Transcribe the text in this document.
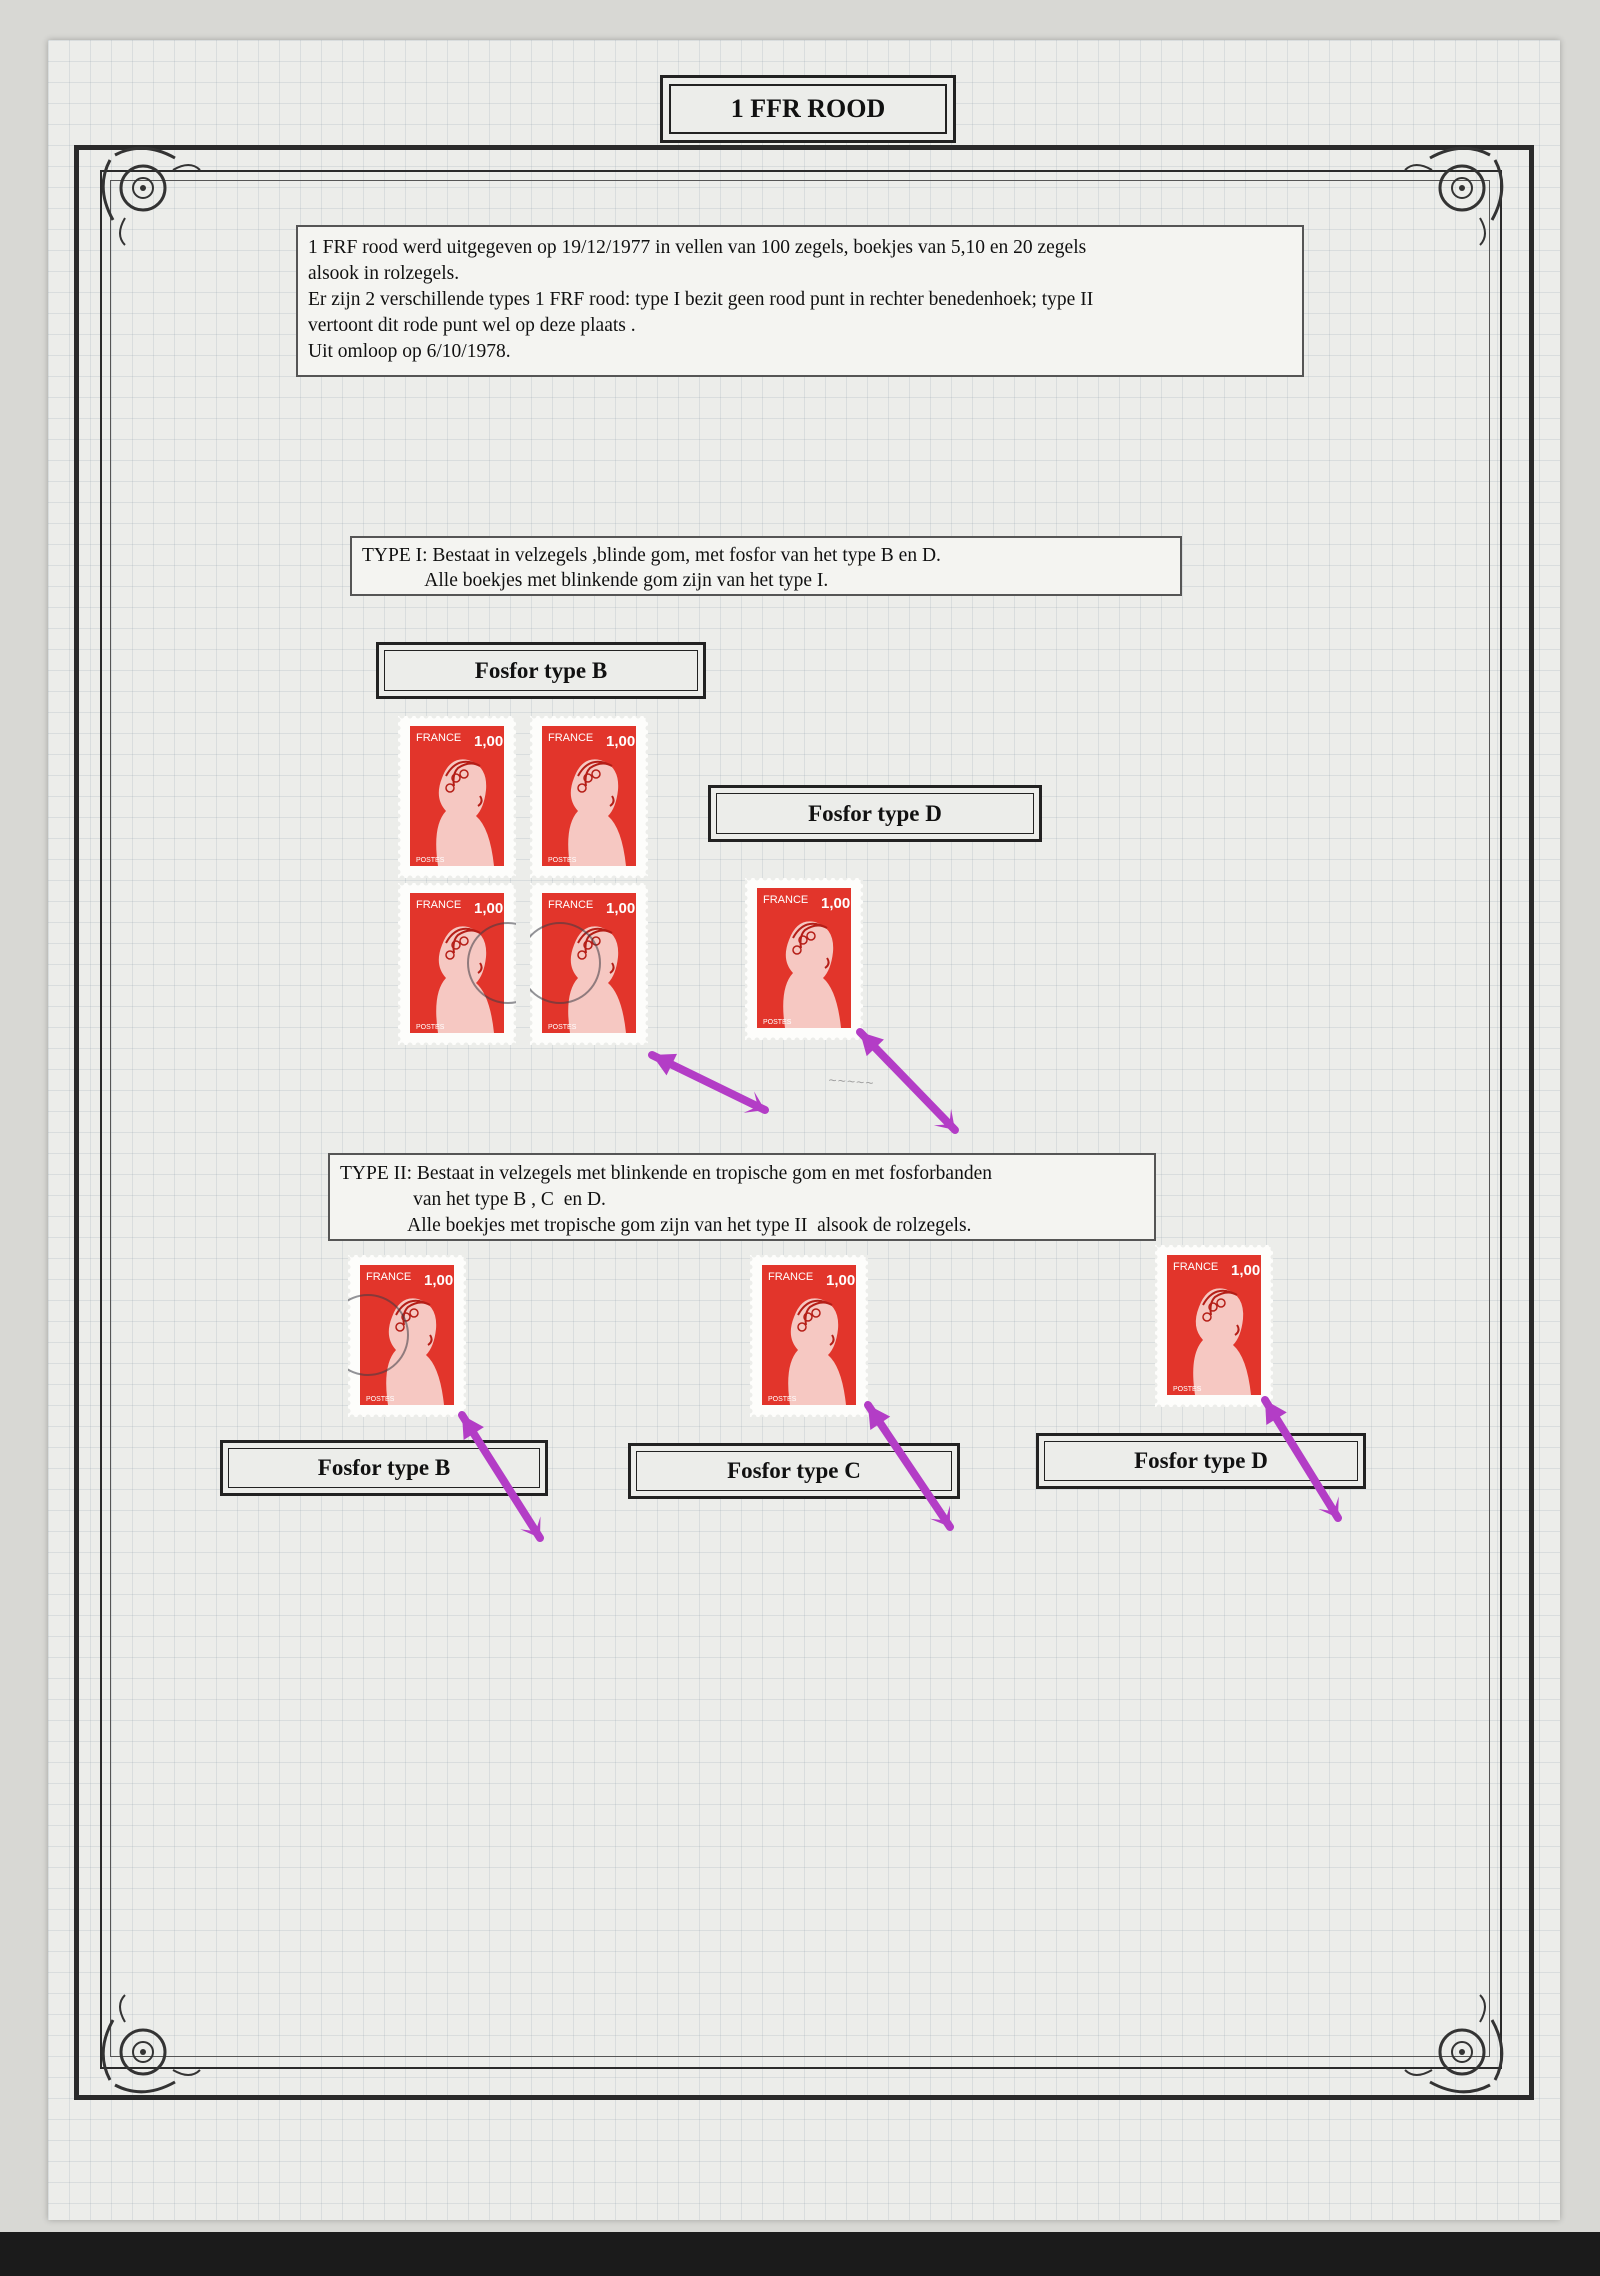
1 FFR ROOD

1 FRF rood werd uitgegeven op 19/12/1977 in vellen van 100 zegels, boekjes van 5,10 en 20 zegels

alsook in rolzegels.

Er zijn 2 verschillende types 1 FRF rood: type I bezit geen rood punt in rechter benedenhoek; type II

vertoont dit rode punt wel op deze plaats .

Uit omloop op 6/10/1978.

TYPE I: Bestaat in velzegels ,blinde gom, met fosfor van het type B en D.

Alle boekjes met blinkende gom zijn van het type I.

Fosfor type B
Fosfor type D

TYPE II: Bestaat in velzegels met blinkende en tropische gom en met fosforbanden

van het type B , C  en D.

Alle boekjes met tropische gom zijn van het type II  alsook de rolzegels.

Fosfor type B	Fosfor type C	Fosfor type D
FRANCE 1,00
POSTES
FRANCE 1,00
POSTES
FRANCE 1,00
POSTES
FRANCE 1,00
POSTES
FRANCE 1,00
POSTES
FRANCE 1,00
POSTES
FRANCE 1,00
POSTES
FRANCE 1,00
POSTES
~~~~~
